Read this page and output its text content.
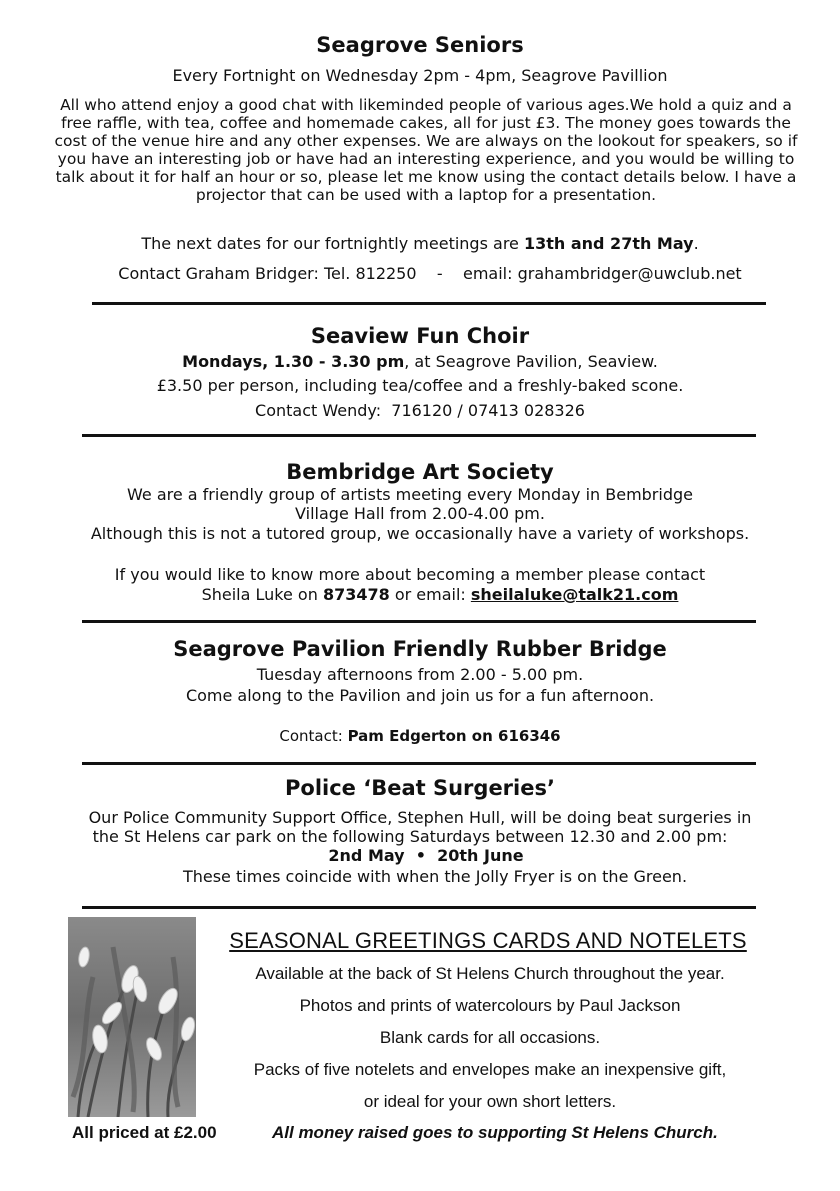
Seagrove Seniors
Every Fortnight on Wednesday 2pm - 4pm, Seagrove Pavillion
All who attend enjoy a good chat with likeminded people of various ages.We hold a quiz and a free raffle, with tea, coffee and homemade cakes, all for just £3. The money goes towards the cost of the venue hire and any other expenses. We are always on the lookout for speakers, so if you have an interesting job or have had an interesting experience, and you would be willing to talk about it for half an hour or so, please let me know using the contact details below. I have a projector that can be used with a laptop for a presentation.
The next dates for our fortnightly meetings are 13th and 27th May.
Contact Graham Bridger: Tel. 812250    -    email: grahambridger@uwclub.net
Seaview Fun Choir
Mondays, 1.30 - 3.30 pm, at Seagrove Pavilion, Seaview.
£3.50 per person, including tea/coffee and a freshly-baked scone.
Contact Wendy:  716120 / 07413 028326
Bembridge Art Society
We are a friendly group of artists meeting every Monday in Bembridge
Village Hall from 2.00-4.00 pm.
Although this is not a tutored group, we occasionally have a variety of workshops.
If you would like to know more about becoming a member please contact
Sheila Luke on 873478 or email: sheilaluke@talk21.com
Seagrove Pavilion Friendly Rubber Bridge
Tuesday afternoons from 2.00 - 5.00 pm.
Come along to the Pavilion and join us for a fun afternoon.
Contact: Pam Edgerton on 616346
Police ‘Beat Surgeries’
Our Police Community Support Office, Stephen Hull, will be doing beat surgeries in
the St Helens car park on the following Saturdays between 12.30 and 2.00 pm:
2nd May  •  20th June
These times coincide with when the Jolly Fryer is on the Green.
SEASONAL GREETINGS CARDS AND NOTELETS
Available at the back of St Helens Church throughout the year.
Photos and prints of watercolours by Paul Jackson
Blank cards for all occasions.
Packs of five notelets and envelopes make an inexpensive gift,
or ideal for your own short letters.
All priced at £2.00	All money raised goes to supporting St Helens Church.
